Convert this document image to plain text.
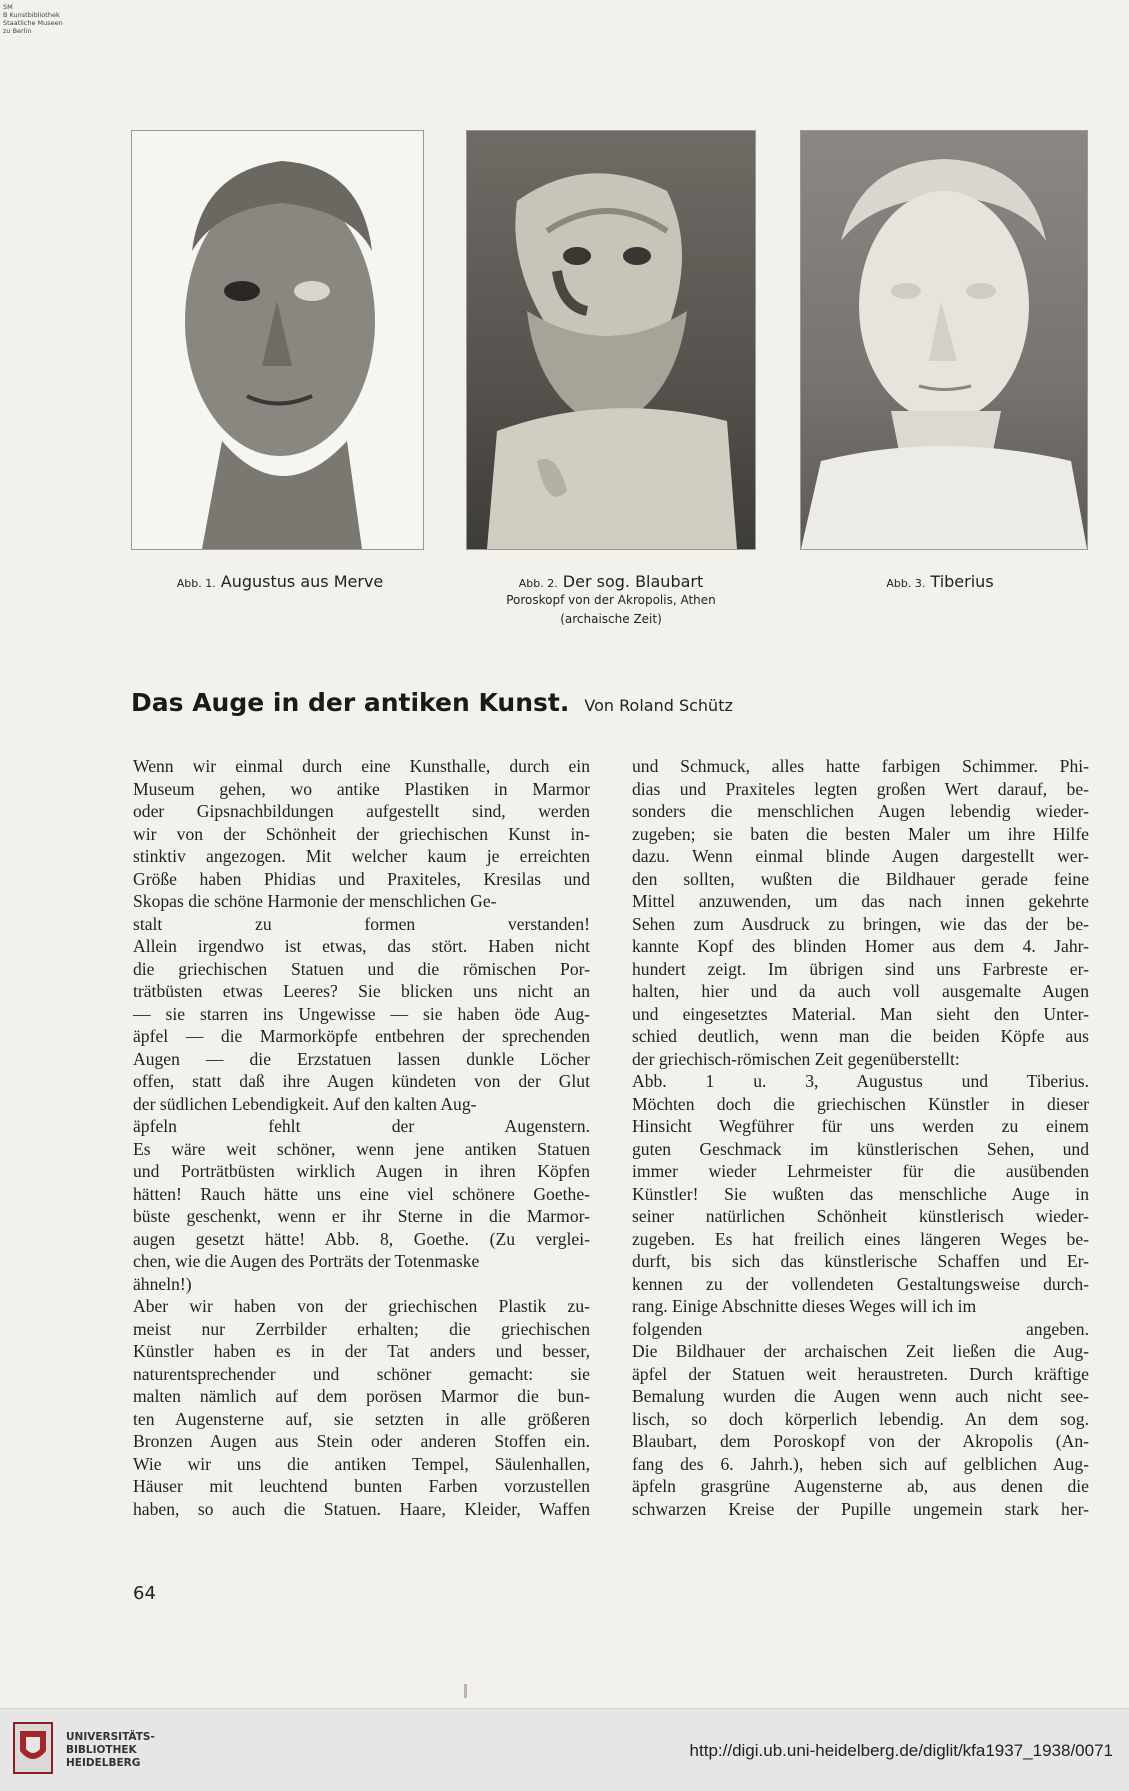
SM
B Kunstbibliothek
Staatliche Museen
zu Berlin
Abb. 1. Augustus aus Merve	Abb. 2. Der sog. Blaubart
Poroskopf von der Akropolis, Athen
(archaische Zeit)
Abb. 3. Tiberius
Das Auge in der antiken Kunst. Von Roland Schütz
Wenn wir einmal durch eine Kunsthalle, durch ein
Museum gehen, wo antike Plastiken in Marmor
oder Gipsnachbildungen aufgestellt sind, werden
wir von der Schönheit der griechischen Kunst in-
stinktiv angezogen. Mit welcher kaum je erreichten
Größe haben Phidias und Praxiteles, Kresilas und
Skopas die schöne Harmonie der menschlichen Ge-
stalt zu formen verstanden!
Allein irgendwo ist etwas, das stört. Haben nicht
die griechischen Statuen und die römischen Por-
trätbüsten etwas Leeres? Sie blicken uns nicht an
— sie starren ins Ungewisse — sie haben öde Aug-
äpfel — die Marmorköpfe entbehren der sprechenden
Augen — die Erzstatuen lassen dunkle Löcher
offen, statt daß ihre Augen kündeten von der Glut
der südlichen Lebendigkeit. Auf den kalten Aug-
äpfeln fehlt der Augenstern.
Es wäre weit schöner, wenn jene antiken Statuen
und Porträtbüsten wirklich Augen in ihren Köpfen
hätten! Rauch hätte uns eine viel schönere Goethe-
büste geschenkt, wenn er ihr Sterne in die Marmor-
augen gesetzt hätte! Abb. 8, Goethe. (Zu verglei-
chen, wie die Augen des Porträts der Totenmaske
ähneln!)
Aber wir haben von der griechischen Plastik zu-
meist nur Zerrbilder erhalten; die griechischen
Künstler haben es in der Tat anders und besser,
naturentsprechender und schöner gemacht: sie
malten nämlich auf dem porösen Marmor die bun-
ten Augensterne auf, sie setzten in alle größeren
Bronzen Augen aus Stein oder anderen Stoffen ein.
Wie wir uns die antiken Tempel, Säulenhallen,
Häuser mit leuchtend bunten Farben vorzustellen
haben, so auch die Statuen. Haare, Kleider, Waffen
und Schmuck, alles hatte farbigen Schimmer. Phi-
dias und Praxiteles legten großen Wert darauf, be-
sonders die menschlichen Augen lebendig wieder-
zugeben; sie baten die besten Maler um ihre Hilfe
dazu. Wenn einmal blinde Augen dargestellt wer-
den sollten, wußten die Bildhauer gerade feine
Mittel anzuwenden, um das nach innen gekehrte
Sehen zum Ausdruck zu bringen, wie das der be-
kannte Kopf des blinden Homer aus dem 4. Jahr-
hundert zeigt. Im übrigen sind uns Farbreste er-
halten, hier und da auch voll ausgemalte Augen
und eingesetztes Material. Man sieht den Unter-
schied deutlich, wenn man die beiden Köpfe aus
der griechisch-römischen Zeit gegenüberstellt:
Abb. 1 u. 3, Augustus und Tiberius.
Möchten doch die griechischen Künstler in dieser
Hinsicht Wegführer für uns werden zu einem
guten Geschmack im künstlerischen Sehen, und
immer wieder Lehrmeister für die ausübenden
Künstler! Sie wußten das menschliche Auge in
seiner natürlichen Schönheit künstlerisch wieder-
zugeben. Es hat freilich eines längeren Weges be-
durft, bis sich das künstlerische Schaffen und Er-
kennen zu der vollendeten Gestaltungsweise durch-
rang. Einige Abschnitte dieses Weges will ich im
folgenden angeben.
Die Bildhauer der archaischen Zeit ließen die Aug-
äpfel der Statuen weit heraustreten. Durch kräftige
Bemalung wurden die Augen wenn auch nicht see-
lisch, so doch körperlich lebendig. An dem sog.
Blaubart, dem Poroskopf von der Akropolis (An-
fang des 6. Jahrh.), heben sich auf gelblichen Aug-
äpfeln grasgrüne Augensterne ab, aus denen die
schwarzen Kreise der Pupille ungemein stark her-
64
UNIVERSITÄTS-
BIBLIOTHEK
HEIDELBERG
http://digi.ub.uni-heidelberg.de/diglit/kfa1937_1938/0071
